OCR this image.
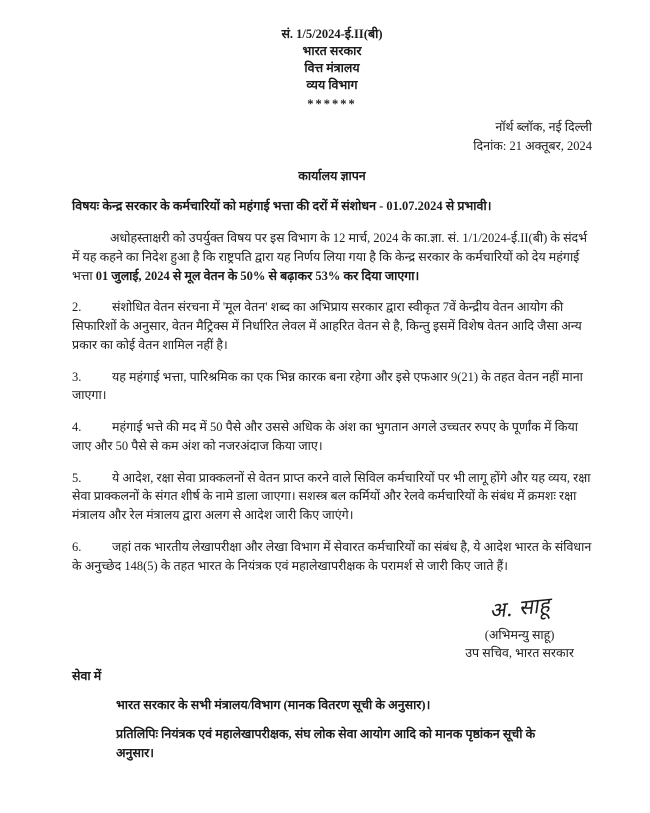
सं. 1/5/2024-ई.II(बी)
भारत सरकार
वित्त मंत्रालय
व्यय विभाग
******
नॉर्थ ब्लॉक, नई दिल्ली
दिनांक: 21 अक्तूबर, 2024
कार्यालय ज्ञापन
विषयः केन्द्र सरकार के कर्मचारियों को महंगाई भत्ता की दरों में संशोधन - 01.07.2024 से प्रभावी।

अधोहस्ताक्षरी को उपर्युक्त विषय पर इस विभाग के 12 मार्च, 2024 के का.ज्ञा. सं. 1/1/2024-ई.II(बी) के संदर्भ में यह कहने का निदेश हुआ है कि राष्ट्रपति द्वारा यह निर्णय लिया गया है कि केन्द्र सरकार के कर्मचारियों को देय महंगाई भत्ता 01 जुलाई, 2024 से मूल वेतन के 50% से बढ़ाकर 53% कर दिया जाएगा।

2. संशोधित वेतन संरचना में 'मूल वेतन' शब्द का अभिप्राय सरकार द्वारा स्वीकृत 7वें केन्द्रीय वेतन आयोग की सिफारिशों के अनुसार, वेतन मैट्रिक्स में निर्धारित लेवल में आहरित वेतन से है, किन्तु इसमें विशेष वेतन आदि जैसा अन्य प्रकार का कोई वेतन शामिल नहीं है।

3. यह महंगाई भत्ता, पारिश्रमिक का एक भिन्न कारक बना रहेगा और इसे एफआर 9(21) के तहत वेतन नहीं माना जाएगा।

4. महंगाई भत्ते की मद में 50 पैसे और उससे अधिक के अंश का भुगतान अगले उच्चतर रुपए के पूर्णांक में किया जाए और 50 पैसे से कम अंश को नजरअंदाज किया जाए।

5. ये आदेश, रक्षा सेवा प्राक्कलनों से वेतन प्राप्त करने वाले सिविल कर्मचारियों पर भी लागू होंगे और यह व्यय, रक्षा सेवा प्राक्कलनों के संगत शीर्ष के नामे डाला जाएगा। सशस्त्र बल कर्मियों और रेलवे कर्मचारियों के संबंध में क्रमशः रक्षा मंत्रालय और रेल मंत्रालय द्वारा अलग से आदेश जारी किए जाएंगे।

6. जहां तक भारतीय लेखापरीक्षा और लेखा विभाग में सेवारत कर्मचारियों का संबंध है, ये आदेश भारत के संविधान के अनुच्छेद 148(5) के तहत भारत के नियंत्रक एवं महालेखापरीक्षक के परामर्श से जारी किए जाते हैं।

अ. साहू
(अभिमन्यु साहू)
उप सचिव, भारत सरकार
सेवा में
भारत सरकार के सभी मंत्रालय/विभाग (मानक वितरण सूची के अनुसार)।
प्रतिलिपिः नियंत्रक एवं महालेखापरीक्षक, संघ लोक सेवा आयोग आदि को मानक पृष्ठांकन सूची के अनुसार।
